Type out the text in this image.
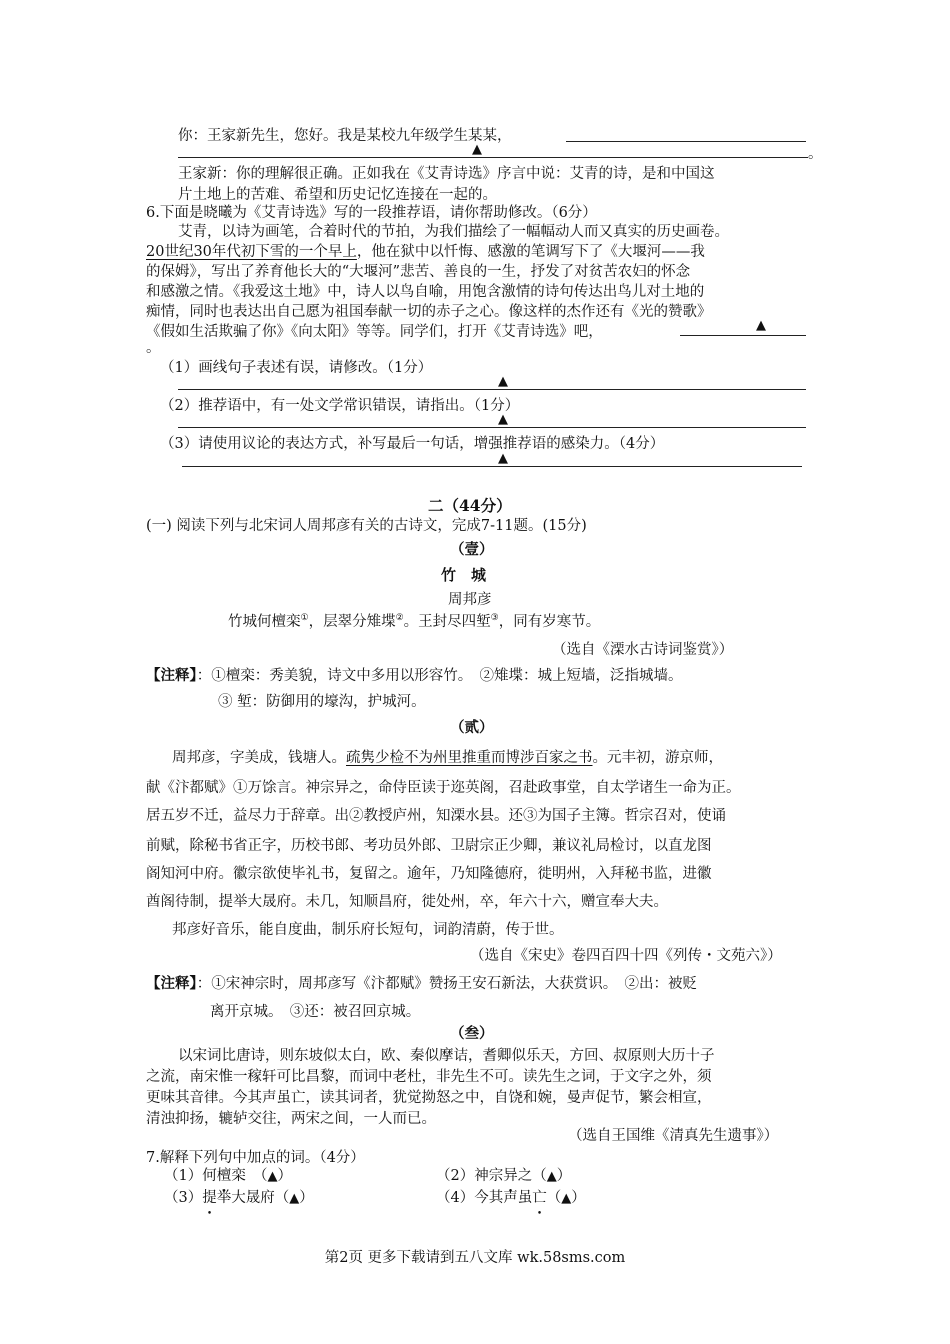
你：王家新先生，您好。我是某校九年级学生某某，
▲	。
王家新：你的理解很正确。正如我在《艾青诗选》序言中说：艾青的诗，是和中国这
片土地上的苦难、希望和历史记忆连接在一起的。
6.下面是晓曦为《艾青诗选》写的一段推荐语，请你帮助修改。（6分）
艾青，以诗为画笔，合着时代的节拍，为我们描绘了一幅幅动人而又真实的历史画卷。
20世纪30年代初下雪的一个早上，他在狱中以忏悔、感激的笔调写下了《大堰河——我
的保姆》，写出了养育他长大的“大堰河”悲苦、善良的一生，抒发了对贫苦农妇的怀念
和感激之情。《我爱这土地》中，诗人以鸟自喻，用饱含激情的诗句传达出鸟儿对土地的
痴情，同时也表达出自己愿为祖国奉献一切的赤子之心。像这样的杰作还有《光的赞歌》
《假如生活欺骗了你》《向太阳》等等。同学们，打开《艾青诗选》吧，	▲
。
（1）画线句子表述有误，请修改。（1分）
▲
（2）推荐语中，有一处文学常识错误，请指出。（1分）
▲
（3）请使用议论的表达方式，补写最后一句话，增强推荐语的感染力。（4分）
▲
二（44分）
(一) 阅读下列与北宋词人周邦彦有关的古诗文，完成7-11题。(15分)
（壹）
竹　城
周邦彦
竹城何檀栾①，层翠分雉堞②。王封尽四堑③，同有岁寒节。
（选自《溧水古诗词鉴赏》）
【注释】：①檀栾：秀美貌，诗文中多用以形容竹。　②雉堞：城上短墙，泛指城墙。
③ 堑：防御用的壕沟，护城河。
（贰）
周邦彦，字美成，钱塘人。疏隽少检不为州里推重而博涉百家之书。元丰初，游京师，
献《汴都赋》①万馀言。神宗异之，命侍臣读于迩英阁，召赴政事堂，自太学诸生一命为正。
居五岁不迁，益尽力于辞章。出②教授庐州，知溧水县。还③为国子主簿。哲宗召对，使诵
前赋，除秘书省正字，历校书郎、考功员外郎、卫尉宗正少卿，兼议礼局检讨，以直龙图
阁知河中府。徽宗欲使毕礼书，复留之。逾年，乃知隆德府，徙明州，入拜秘书监，进徽
酋阁待制，提举大晟府。未几，知顺昌府，徙处州，卒，年六十六，赠宣奉大夫。
邦彦好音乐，能自度曲，制乐府长短句，词韵清蔚，传于世。
（选自《宋史》卷四百四十四《列传・文苑六》）
【注释】：①宋神宗时，周邦彦写《汴都赋》赞扬王安石新法，大获赏识。　②出：被贬
离开京城。　③还：被召回京城。
（叁）
以宋词比唐诗，则东坡似太白，欧、秦似摩诘，耆卿似乐天，方回、叔原则大历十子
之流，南宋惟一稼轩可比昌黎，而词中老杜，非先生不可。读先生之词，于文字之外，须
更味其音律。今其声虽亡，读其词者，犹觉拗怒之中，自饶和婉，曼声促节，繁会相宣，
清浊抑扬，辘轳交往，两宋之间，一人而已。
（选自王国维《清真先生遗事》）
7.解释下列句中加点的词。（4分）
（1）何檀栾　（▲）	（2）神宗异之（▲）
（3）提举大晟府（▲）	（4）今其声虽亡（▲）
第2页 更多下载请到五八文库 wk.58sms.com
